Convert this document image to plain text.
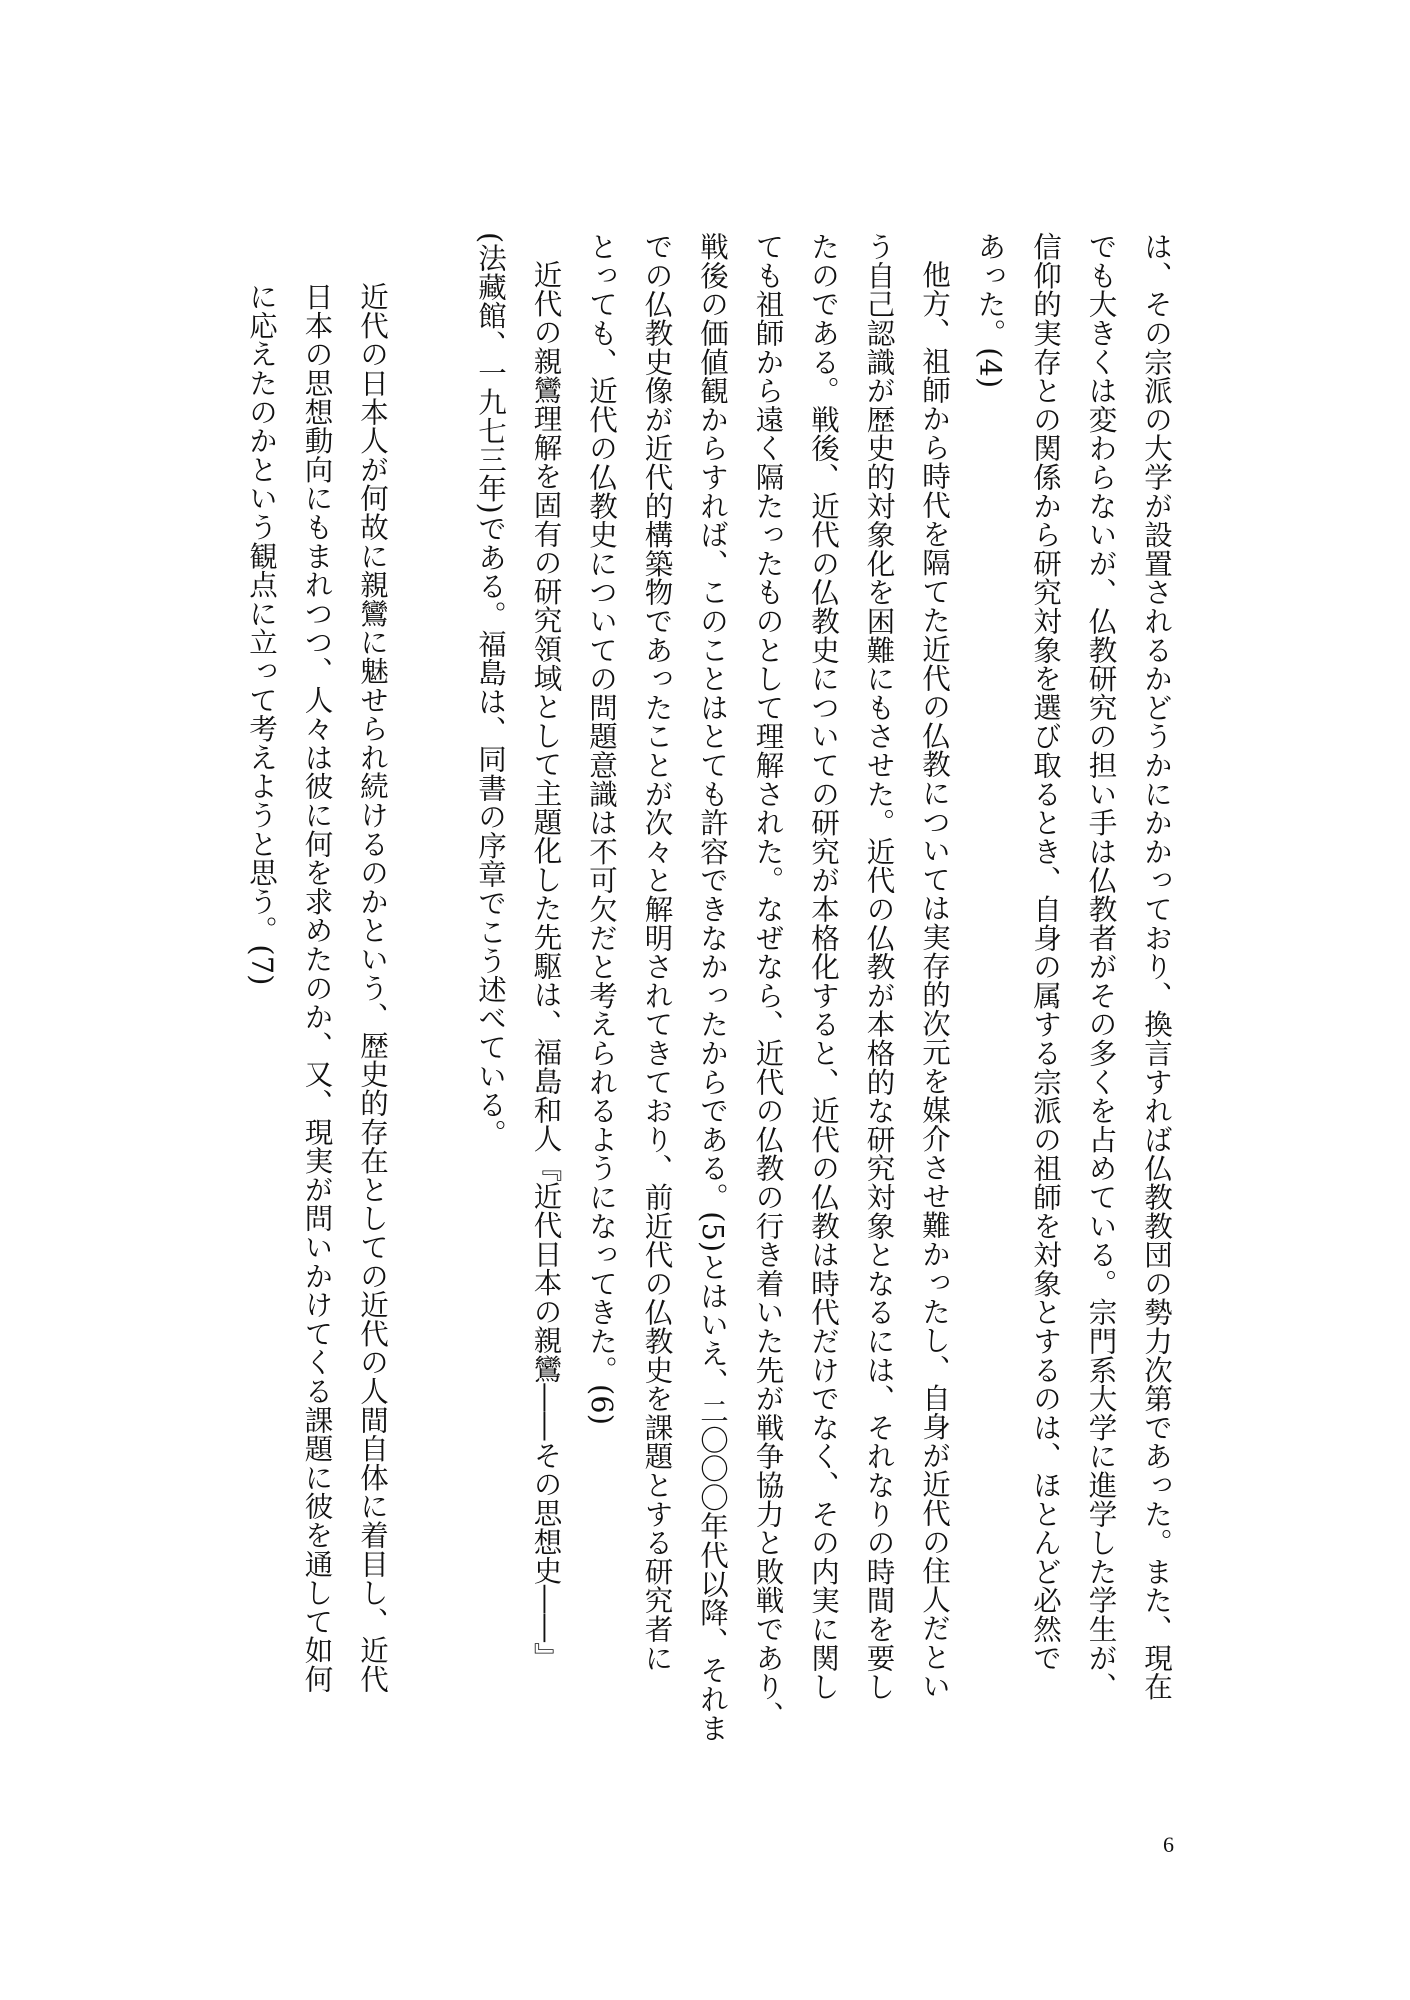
は、その宗派の大学が設置されるかどうかにかかっており、換言すれば仏教教団の勢力次第であった。また、現在
でも大きくは変わらないが、仏教研究の担い手は仏教者がその多くを占めている。宗門系大学に進学した学生が、
信仰的実存との関係から研究対象を選び取るとき、自身の属する宗派の祖師を対象とするのは、ほとんど必然で
あった。(4)
他方、祖師から時代を隔てた近代の仏教については実存的次元を媒介させ難かったし、自身が近代の住人だとい
う自己認識が歴史的対象化を困難にもさせた。近代の仏教が本格的な研究対象となるには、それなりの時間を要し
たのである。戦後、近代の仏教史についての研究が本格化すると、近代の仏教は時代だけでなく、その内実に関し
ても祖師から遠く隔たったものとして理解された。なぜなら、近代の仏教の行き着いた先が戦争協力と敗戦であり、
戦後の価値観からすれば、このことはとても許容できなかったからである。(5)とはいえ、二〇〇〇年代以降、それま
での仏教史像が近代的構築物であったことが次々と解明されてきており、前近代の仏教史を課題とする研究者に
とっても、近代の仏教史についての問題意識は不可欠だと考えられるようになってきた。(6)
近代の親鸞理解を固有の研究領域として主題化した先駆は、福島和人『近代日本の親鸞――その思想史――』
(法藏館、一九七三年)である。福島は、同書の序章でこう述べている。
近代の日本人が何故に親鸞に魅せられ続けるのかという、歴史的存在としての近代の人間自体に着目し、近代
日本の思想動向にもまれつつ、人々は彼に何を求めたのか、又、現実が問いかけてくる課題に彼を通して如何
に応えたのかという観点に立って考えようと思う。(7)
6
